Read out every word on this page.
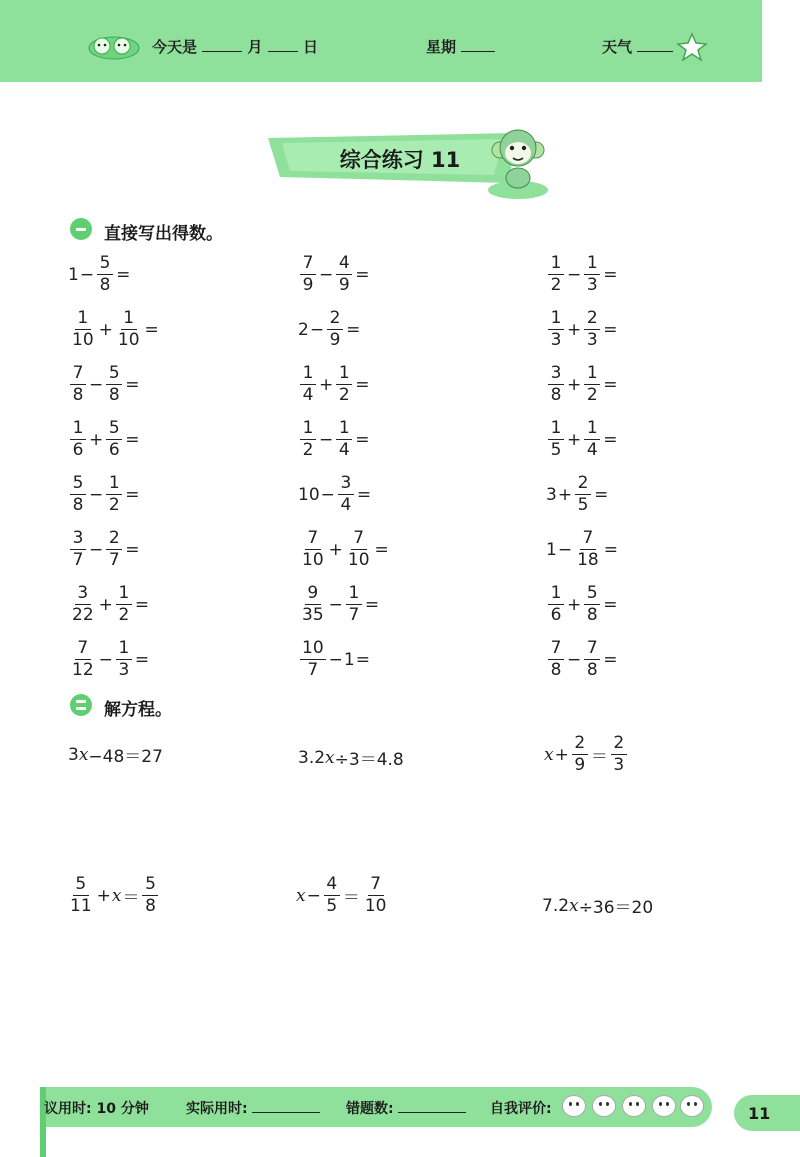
今天是	月	日	星期	天气
综合练习 11
直接写出得数。
$1 - \frac{5}{8}$ =
$\frac{1}{10} + \frac{1}{10}$ =
$\frac{7}{8} - \frac{5}{8}$ =
$\frac{1}{6} + \frac{5}{6}$ =
$\frac{5}{8} - \frac{1}{2}$ =
$\frac{3}{7} - \frac{2}{7}$ =
$\frac{3}{22} + \frac{1}{2}$ =
$\frac{7}{12} - \frac{1}{3}$ =
$\frac{7}{9} - \frac{4}{9}$ =
$2 - \frac{2}{9}$ =
$\frac{1}{4} + \frac{1}{2}$ =
$\frac{1}{2} - \frac{1}{4}$ =
$10 - \frac{3}{4}$ =
$\frac{7}{10} + \frac{7}{10}$ =
$\frac{9}{35} - \frac{1}{7}$ =
$\frac{10}{7} - 1$ =
$\frac{1}{2} - \frac{1}{3}$ =
$\frac{1}{3} + \frac{2}{3}$ =
$\frac{3}{8} + \frac{1}{2}$ =
$\frac{1}{5} + \frac{1}{4}$ =
$3 + \frac{2}{5}$ =
$1 - \frac{7}{18}$ =
$\frac{1}{6} + \frac{5}{8}$ =
$\frac{7}{8} - \frac{7}{8}$ =
解方程。
3 x −48＝27	3.2 x ÷3＝4.8	$x + \frac{2}{9} = \frac{2}{3}$
$\frac{5}{11} + x = \frac{5}{8}$	$x - \frac{4}{5} = \frac{7}{10}$	7.2 x ÷36＝20
议用时: 10 分钟	实际用时:	错题数:	自我评价:	11
